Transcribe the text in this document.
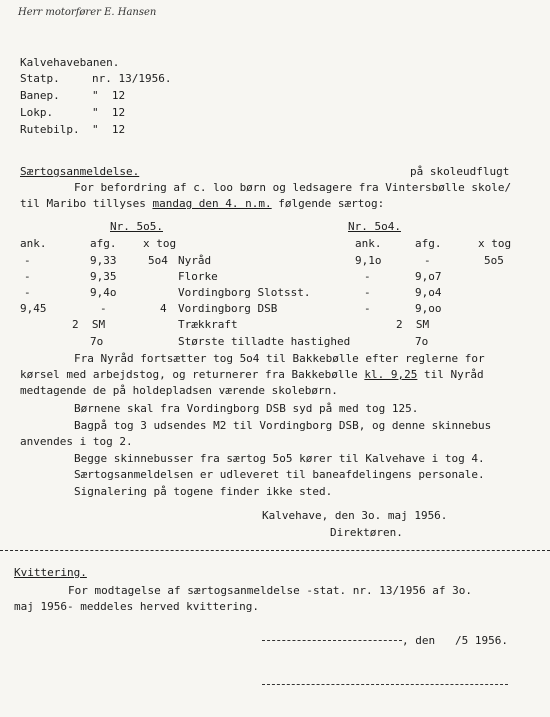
Herr motorfører E. Hansen
Kalvehavebanen.
Statp.	nr. 13/1956.
Banep.	"  12
Lokp.	"  12
Rutebilp. "  12
Særtogsanmeldelse.	på skoleudflugt
For befordring af c. loo børn og ledsagere fra Vintersbølle skole/
til Maribo tillyses mandag den 4. n.m. følgende særtog:
Nr. 5o5.	Nr. 5o4.
ank.	afg. x tog	ank.	afg.	x tog
-	9,33	5o4 Nyråd	9,1o	-	5o5
-	9,35	Florke	-	9,o7
-	9,4o	Vordingborg Slotsst.	-	9,o4
9,45	-	4 Vordingborg DSB	-	9,oo
2  SM	Trækkraft	2  SM
7o	Største tilladte hastighed	7o
Fra Nyråd fortsætter tog 5o4 til Bakkebølle efter reglerne for
kørsel med arbejdstog, og returnerer fra Bakkebølle kl. 9,25 til Nyråd
medtagende de på holdepladsen værende skolebørn.
Børnene skal fra Vordingborg DSB syd på med tog 125.
Bagpå tog 3 udsendes M2 til Vordingborg DSB, og denne skinnebus
anvendes i tog 2.
Begge skinnebusser fra særtog 5o5 kører til Kalvehave i tog 4.
Særtogsanmeldelsen er udleveret til baneafdelingens personale.
Signalering på togene finder ikke sted.
Kalvehave, den 3o. maj 1956.
Direktøren.
Kvittering.
For modtagelse af særtogsanmeldelse -stat. nr. 13/1956 af 3o.
maj 1956- meddeles herved kvittering.
, den   /5 1956.
